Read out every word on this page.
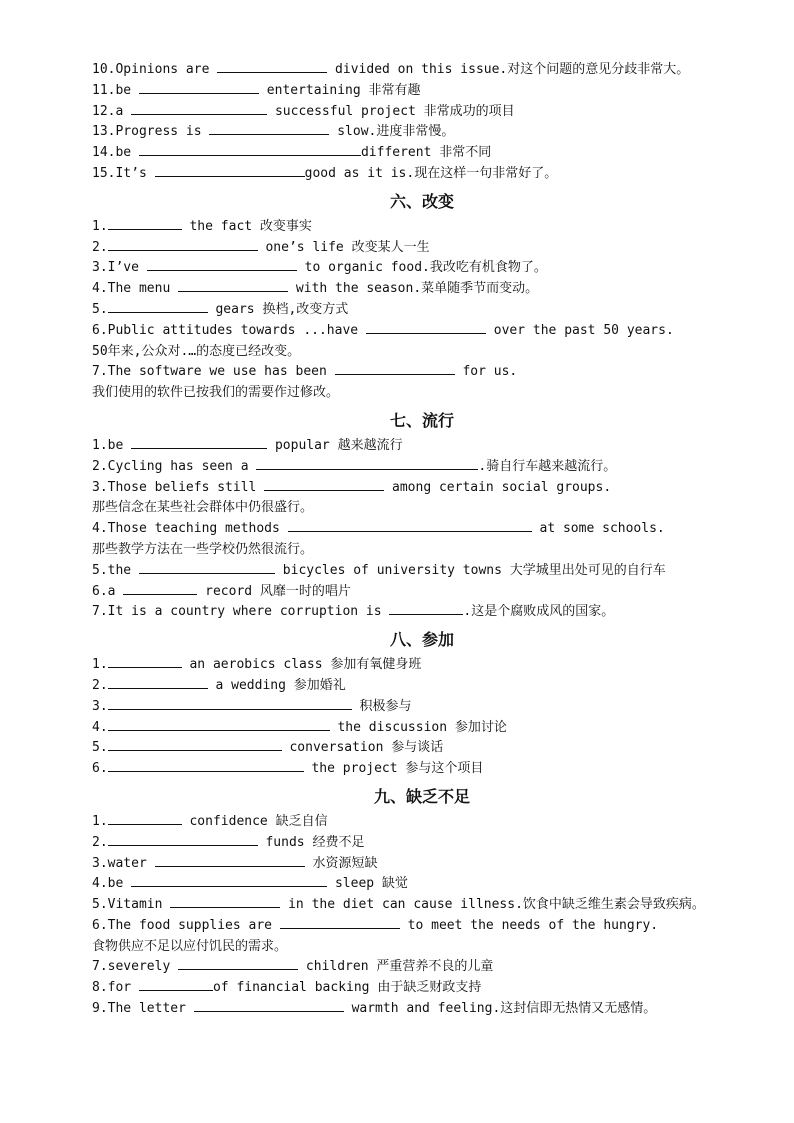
10.Opinions are	divided on this issue.对这个问题的意见分歧非常大。
11.be	entertaining 非常有趣
12.a	successful project 非常成功的项目
13.Progress is	slow.进度非常慢。
14.be	different 非常不同
15.It’s	good as it is.现在这样一句非常好了。
六、改变
1.	the fact 改变事实
2.	one’s life 改变某人一生
3.I’ve	to organic food.我改吃有机食物了。
4.The menu	with the season.菜单随季节而变动。
5.	gears 换档,改变方式
6.Public attitudes towards ...have	over the past 50 years.
50年来,公众对.…的态度已经改变。
7.The software we use has been	for us.
我们使用的软件已按我们的需要作过修改。
七、流行
1.be	popular 越来越流行
2.Cycling has seen a	.骑自行车越来越流行。
3.Those beliefs still	among certain social groups.
那些信念在某些社会群体中仍很盛行。
4.Those teaching methods	at some schools.
那些教学方法在一些学校仍然很流行。
5.the	bicycles of university towns 大学城里出处可见的自行车
6.a	record 风靡一时的唱片
7.It is a country where corruption is	.这是个腐败成风的国家。
八、参加
1.	an aerobics class 参加有氧健身班
2.	a wedding 参加婚礼
3.	积极参与
4.	the discussion 参加讨论
5.	conversation 参与谈话
6.	the project 参与这个项目
九、缺乏不足
1.	confidence 缺乏自信
2.	funds 经费不足
3.water	水资源短缺
4.be	sleep 缺觉
5.Vitamin	in the diet can cause illness.饮食中缺乏维生素会导致疾病。
6.The food supplies are	to meet the needs of the hungry.
食物供应不足以应付饥民的需求。
7.severely	children 严重营养不良的儿童
8.for	of financial backing 由于缺乏财政支持
9.The letter	warmth and feeling.这封信即无热情又无感情。
